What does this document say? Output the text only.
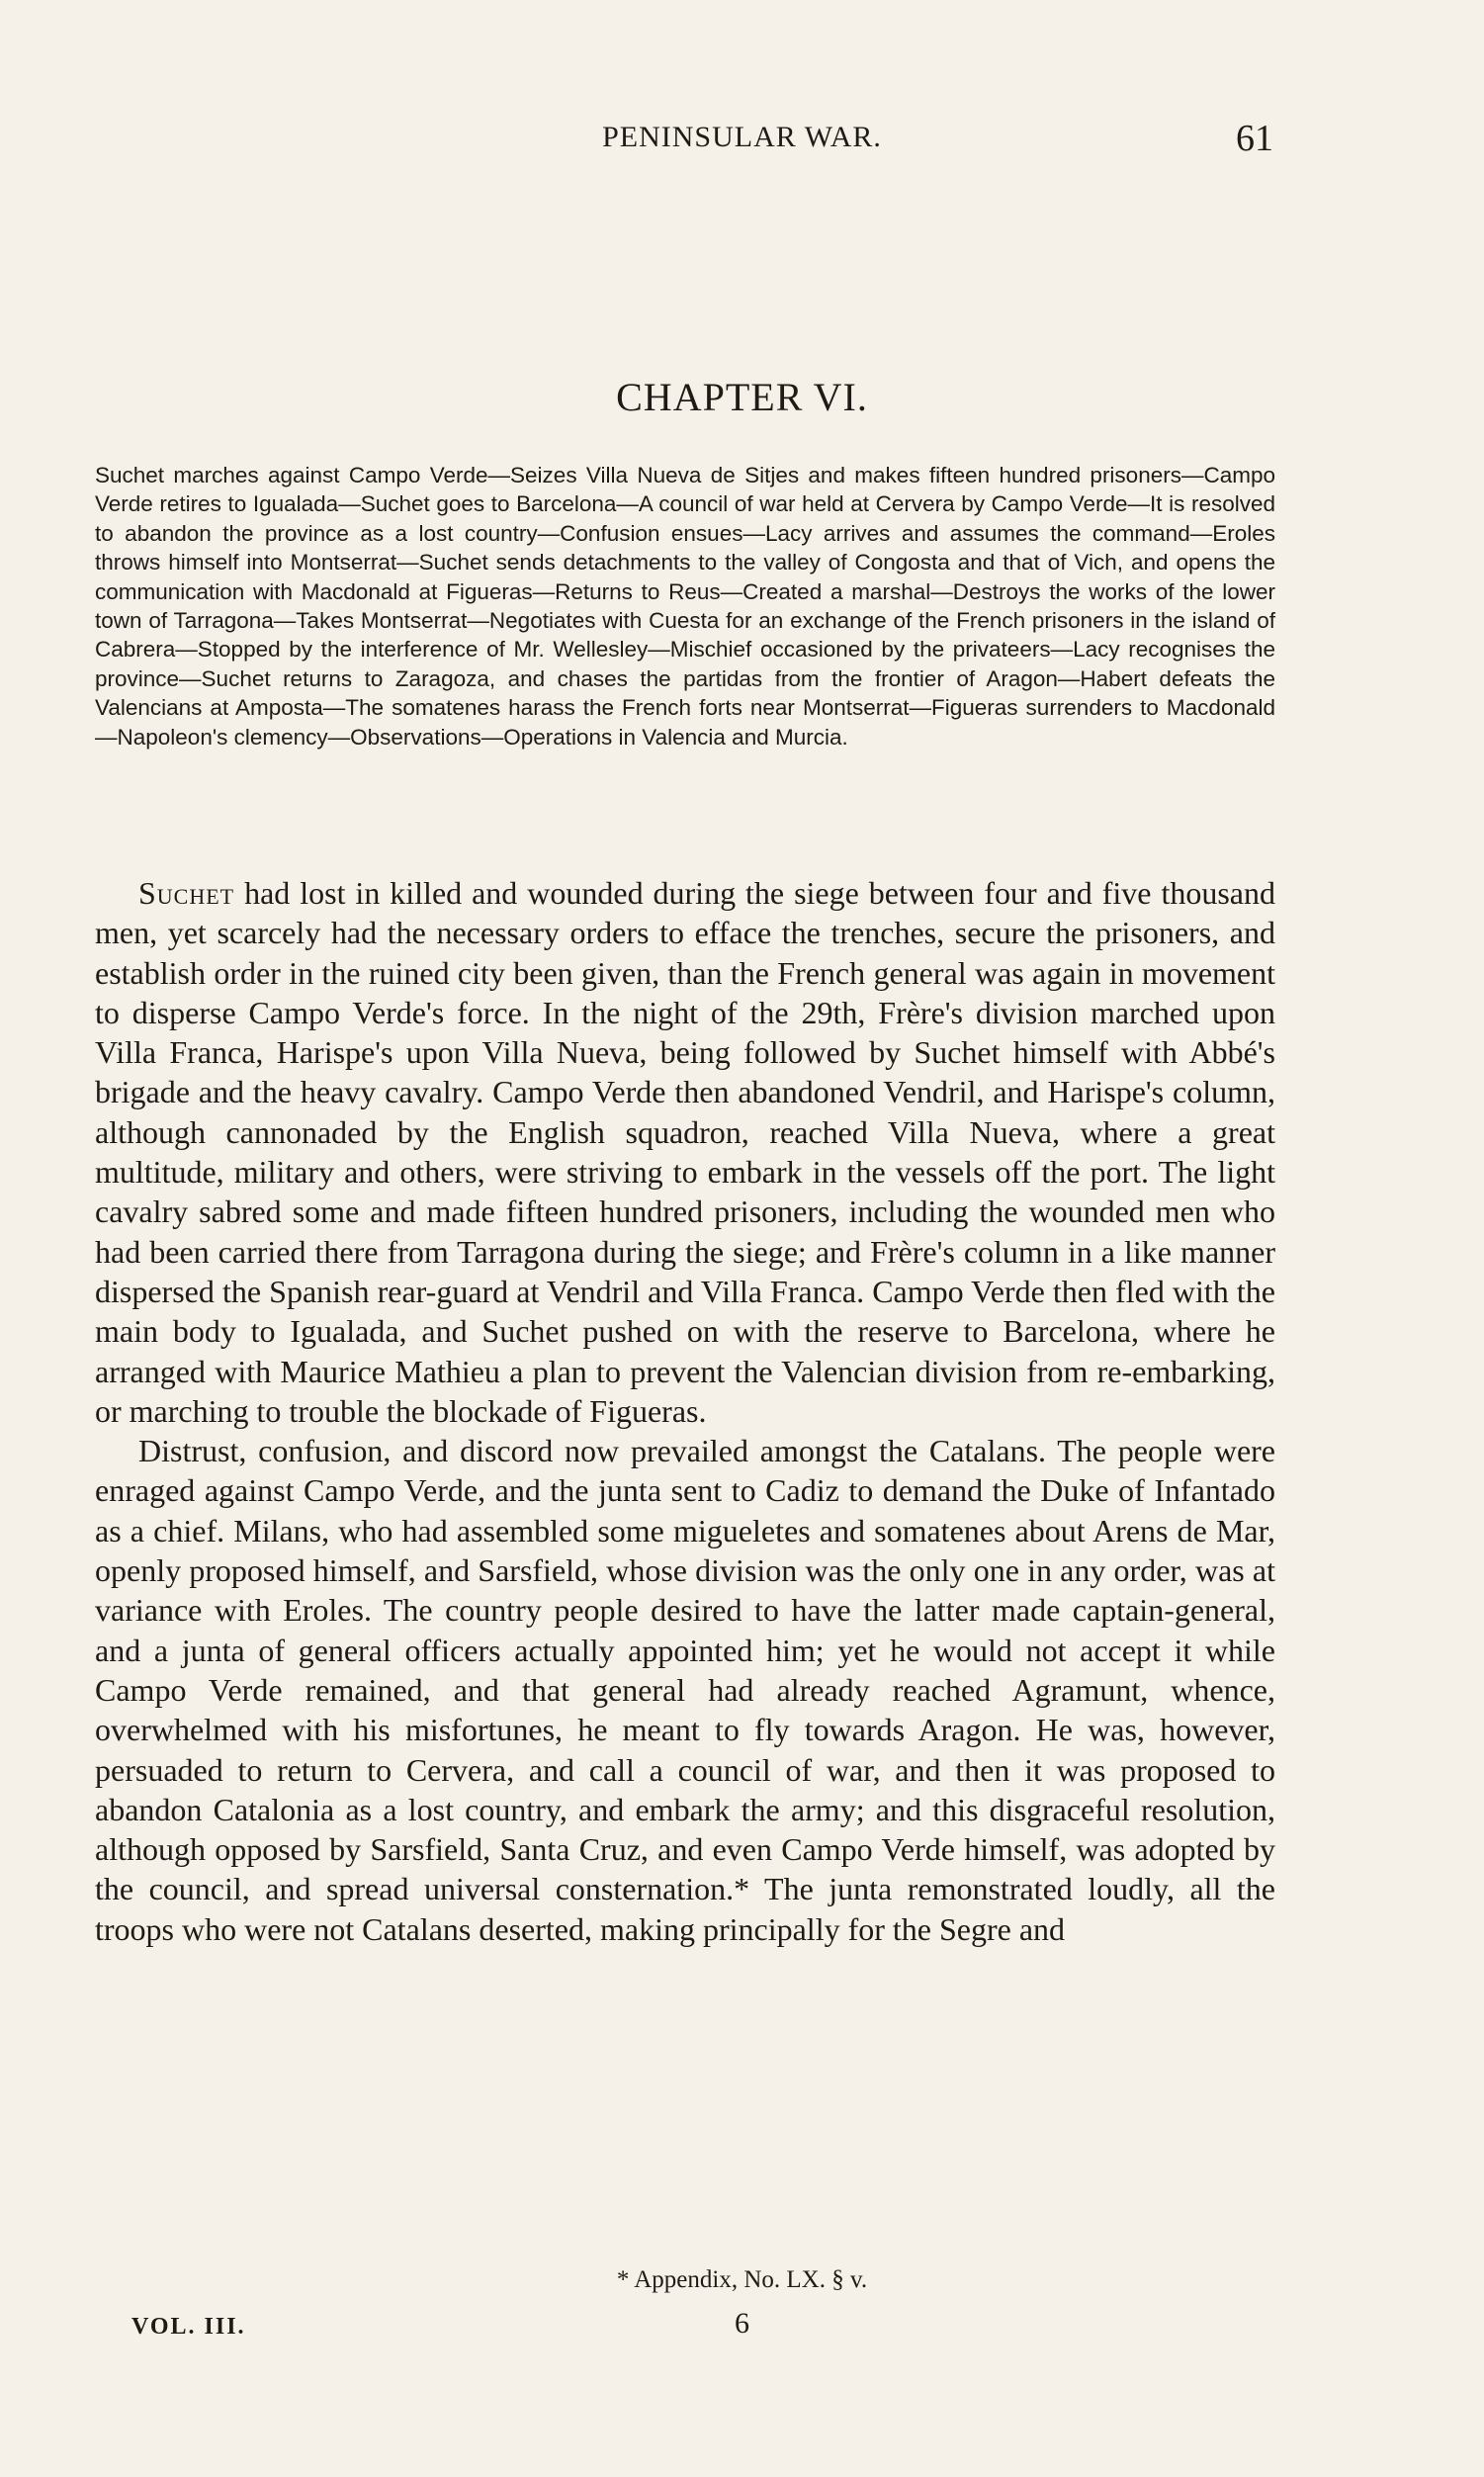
PENINSULAR WAR.	61
CHAPTER VI.

Suchet marches against Campo Verde—Seizes Villa Nueva de Sitjes and makes fifteen hundred prisoners—Campo Verde retires to Igualada—Suchet goes to Barcelona—A council of war held at Cervera by Campo Verde—It is resolved to abandon the province as a lost country—Confusion ensues—Lacy arrives and assumes the command—Eroles throws himself into Montserrat—Suchet sends detachments to the valley of Congosta and that of Vich, and opens the communication with Macdonald at Figueras—Returns to Reus—Created a marshal—Destroys the works of the lower town of Tarragona—Takes Montserrat—Negotiates with Cuesta for an exchange of the French prisoners in the island of Cabrera—Stopped by the interference of Mr. Wellesley—Mischief occasioned by the privateers—Lacy recognises the province—Suchet returns to Zaragoza, and chases the partidas from the frontier of Aragon—Habert defeats the Valencians at Amposta—The somatenes harass the French forts near Montserrat—Figueras surrenders to Macdonald—Napoleon's clemency—Observations—Operations in Valencia and Murcia.

Suchet had lost in killed and wounded during the siege between four and five thousand men, yet scarcely had the necessary orders to efface the trenches, secure the prisoners, and establish order in the ruined city been given, than the French general was again in movement to disperse Campo Verde's force. In the night of the 29th, Frère's division marched upon Villa Franca, Harispe's upon Villa Nueva, being followed by Suchet himself with Abbé's brigade and the heavy cavalry. Campo Verde then abandoned Vendril, and Harispe's column, although cannonaded by the English squadron, reached Villa Nueva, where a great multitude, military and others, were striving to embark in the vessels off the port. The light cavalry sabred some and made fifteen hundred prisoners, including the wounded men who had been carried there from Tarragona during the siege; and Frère's column in a like manner dispersed the Spanish rear-guard at Vendril and Villa Franca. Campo Verde then fled with the main body to Igualada, and Suchet pushed on with the reserve to Barcelona, where he arranged with Maurice Mathieu a plan to prevent the Valencian division from re-embarking, or marching to trouble the blockade of Figueras.

Distrust, confusion, and discord now prevailed amongst the Catalans. The people were enraged against Campo Verde, and the junta sent to Cadiz to demand the Duke of Infantado as a chief. Milans, who had assembled some migueletes and somatenes about Arens de Mar, openly proposed himself, and Sarsfield, whose division was the only one in any order, was at variance with Eroles. The country people desired to have the latter made captain-general, and a junta of general officers actually appointed him; yet he would not accept it while Campo Verde remained, and that general had already reached Agramunt, whence, overwhelmed with his misfortunes, he meant to fly towards Aragon. He was, however, persuaded to return to Cervera, and call a council of war, and then it was proposed to abandon Catalonia as a lost country, and embark the army; and this disgraceful resolution, although opposed by Sarsfield, Santa Cruz, and even Campo Verde himself, was adopted by the council, and spread universal consternation.* The junta remonstrated loudly, all the troops who were not Catalans deserted, making principally for the Segre and

* Appendix, No. LX. § v.
VOL. III.	6
